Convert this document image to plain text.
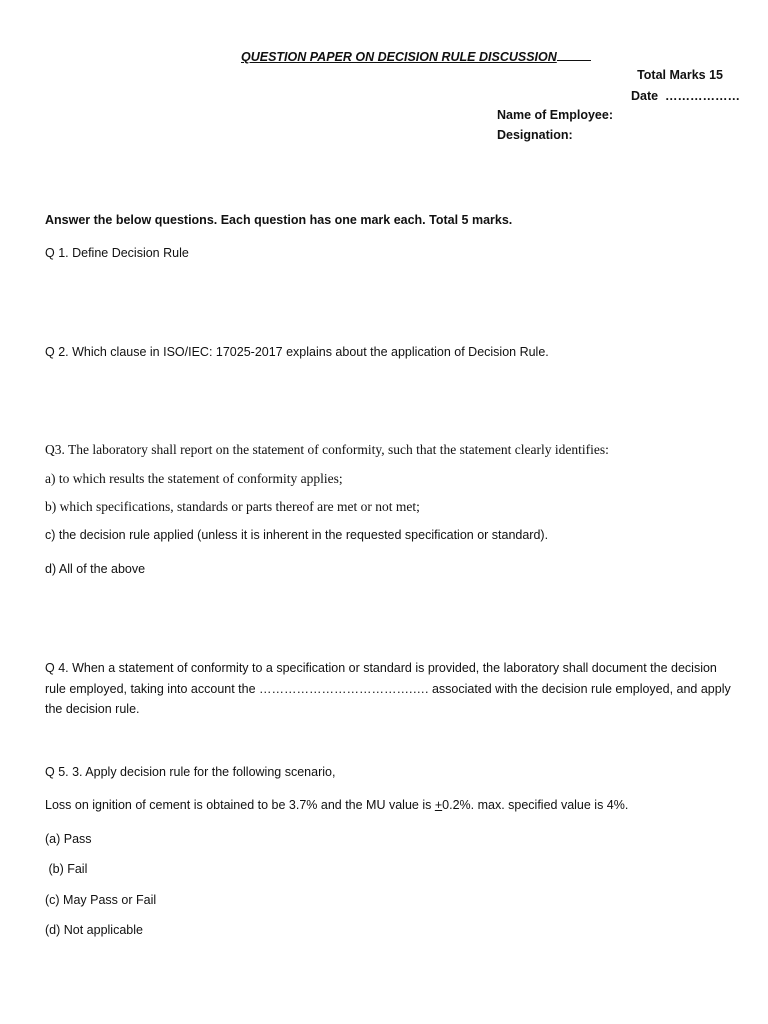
QUESTION PAPER ON DECISION RULE DISCUSSION
Total Marks 15
Date ………………
Name of Employee:
Designation:
Answer the below questions. Each question has one mark each. Total 5 marks.
Q 1. Define Decision Rule
Q 2. Which clause in ISO/IEC: 17025-2017 explains about the application of Decision Rule.
Q3. The laboratory shall report on the statement of conformity, such that the statement clearly identifies:
a) to which results the statement of conformity applies;
b) which specifications, standards or parts thereof are met or not met;
c) the decision rule applied (unless it is inherent in the requested specification or standard).
d) All of the above
Q 4. When a statement of conformity to a specification or standard is provided, the laboratory shall document the decision rule employed, taking into account the ……………………………….…. associated with the decision rule employed, and apply the decision rule.
Q 5. 3. Apply decision rule for the following scenario,
Loss on ignition of cement is obtained to be 3.7% and the MU value is +0.2%. max. specified value is 4%.
(a) Pass
(b) Fail
(c) May Pass or Fail
(d) Not applicable
